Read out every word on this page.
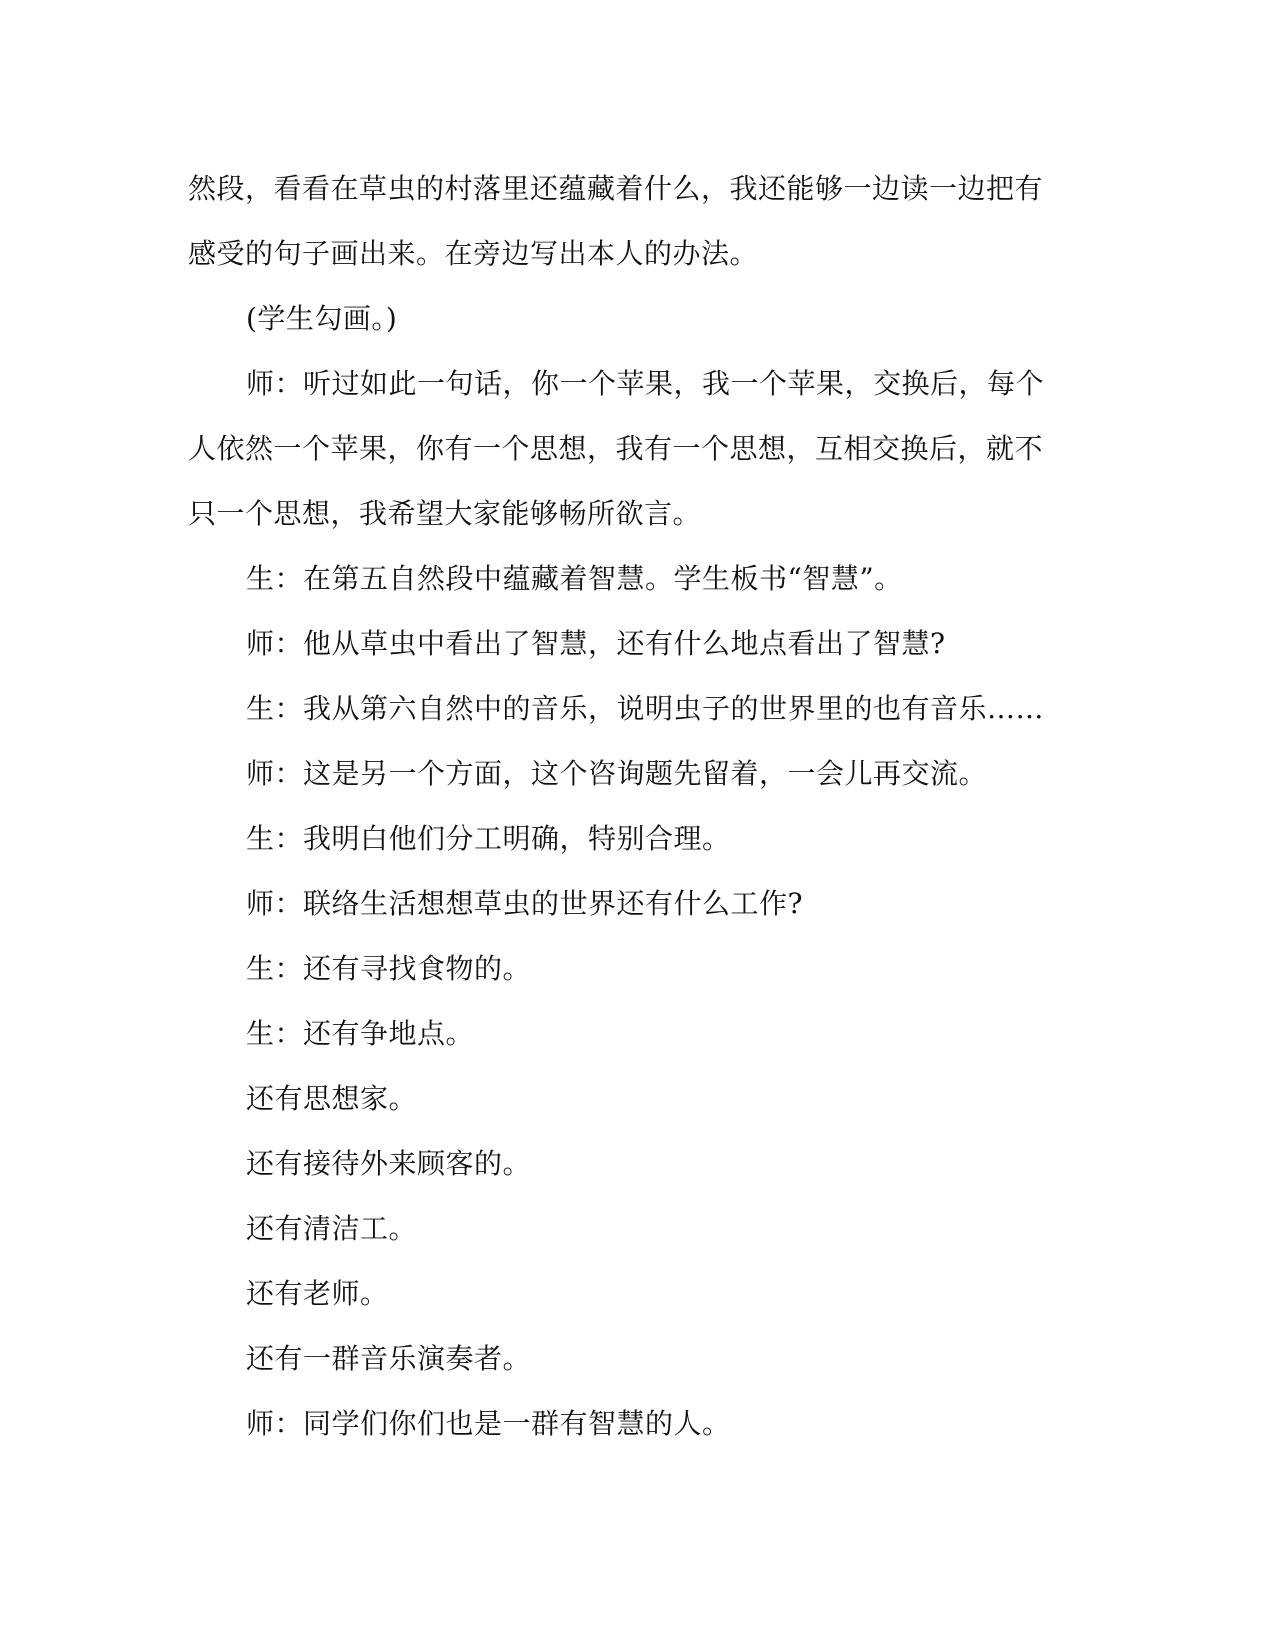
然段，看看在草虫的村落里还蕴藏着什么，我还能够一边读一边把有
感受的句子画出来。在旁边写出本人的办法。
(学生勾画。)
师：听过如此一句话，你一个苹果，我一个苹果，交换后，每个
人依然一个苹果，你有一个思想，我有一个思想，互相交换后，就不
只一个思想，我希望大家能够畅所欲言。
生：在第五自然段中蕴藏着智慧。学生板书“智慧”。
师：他从草虫中看出了智慧，还有什么地点看出了智慧?
生：我从第六自然中的音乐，说明虫子的世界里的也有音乐……
师：这是另一个方面，这个咨询题先留着，一会儿再交流。
生：我明白他们分工明确，特别合理。
师：联络生活想想草虫的世界还有什么工作?
生：还有寻找食物的。
生：还有争地点。
还有思想家。
还有接待外来顾客的。
还有清洁工。
还有老师。
还有一群音乐演奏者。
师：同学们你们也是一群有智慧的人。
